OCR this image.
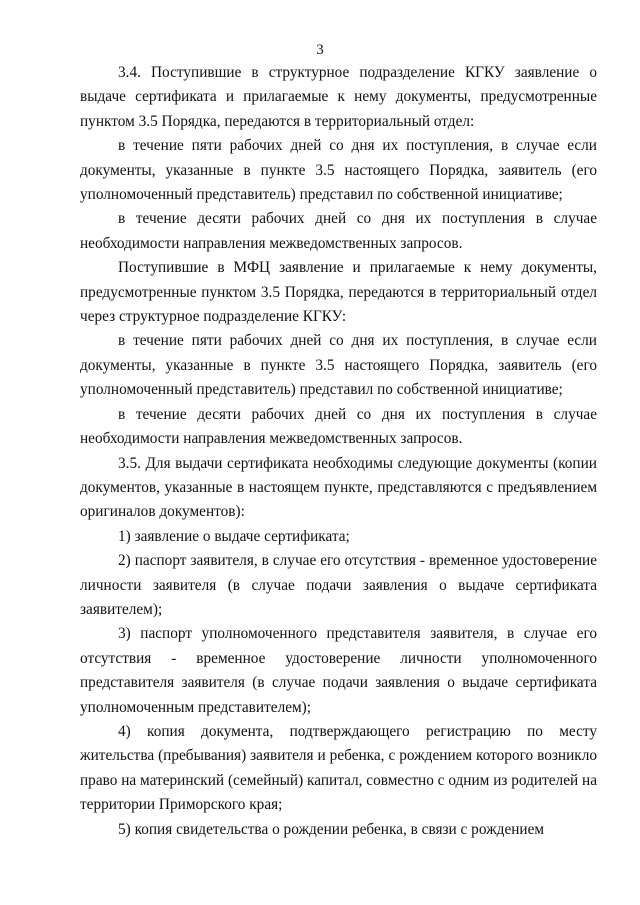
3

3.4. Поступившие в структурное подразделение КГКУ заявление о выдаче сертификата и прилагаемые к нему документы, предусмотренные пунктом 3.5 Порядка, передаются в территориальный отдел:

в течение пяти рабочих дней со дня их поступления, в случае если документы, указанные в пункте 3.5 настоящего Порядка, заявитель (его уполномоченный представитель) представил по собственной инициативе;

в течение десяти рабочих дней со дня их поступления в случае необходимости направления межведомственных запросов.

Поступившие в МФЦ заявление и прилагаемые к нему документы, предусмотренные пунктом 3.5 Порядка, передаются в территориальный отдел через структурное подразделение КГКУ:

в течение пяти рабочих дней со дня их поступления, в случае если документы, указанные в пункте 3.5 настоящего Порядка, заявитель (его уполномоченный представитель) представил по собственной инициативе;

в течение десяти рабочих дней со дня их поступления в случае необходимости направления межведомственных запросов.

3.5. Для выдачи сертификата необходимы следующие документы (копии документов, указанные в настоящем пункте, представляются с предъявлением оригиналов документов):

1) заявление о выдаче сертификата;

2) паспорт заявителя, в случае его отсутствия - временное удостоверение личности заявителя (в случае подачи заявления о выдаче сертификата заявителем);

3) паспорт уполномоченного представителя заявителя, в случае его отсутствия - временное удостоверение личности уполномоченного представителя заявителя (в случае подачи заявления о выдаче сертификата уполномоченным представителем);

4) копия документа, подтверждающего регистрацию по месту жительства (пребывания) заявителя и ребенка, с рождением которого возникло право на материнский (семейный) капитал, совместно с одним из родителей на территории Приморского края;

5) копия свидетельства о рождении ребенка, в связи с рождением
